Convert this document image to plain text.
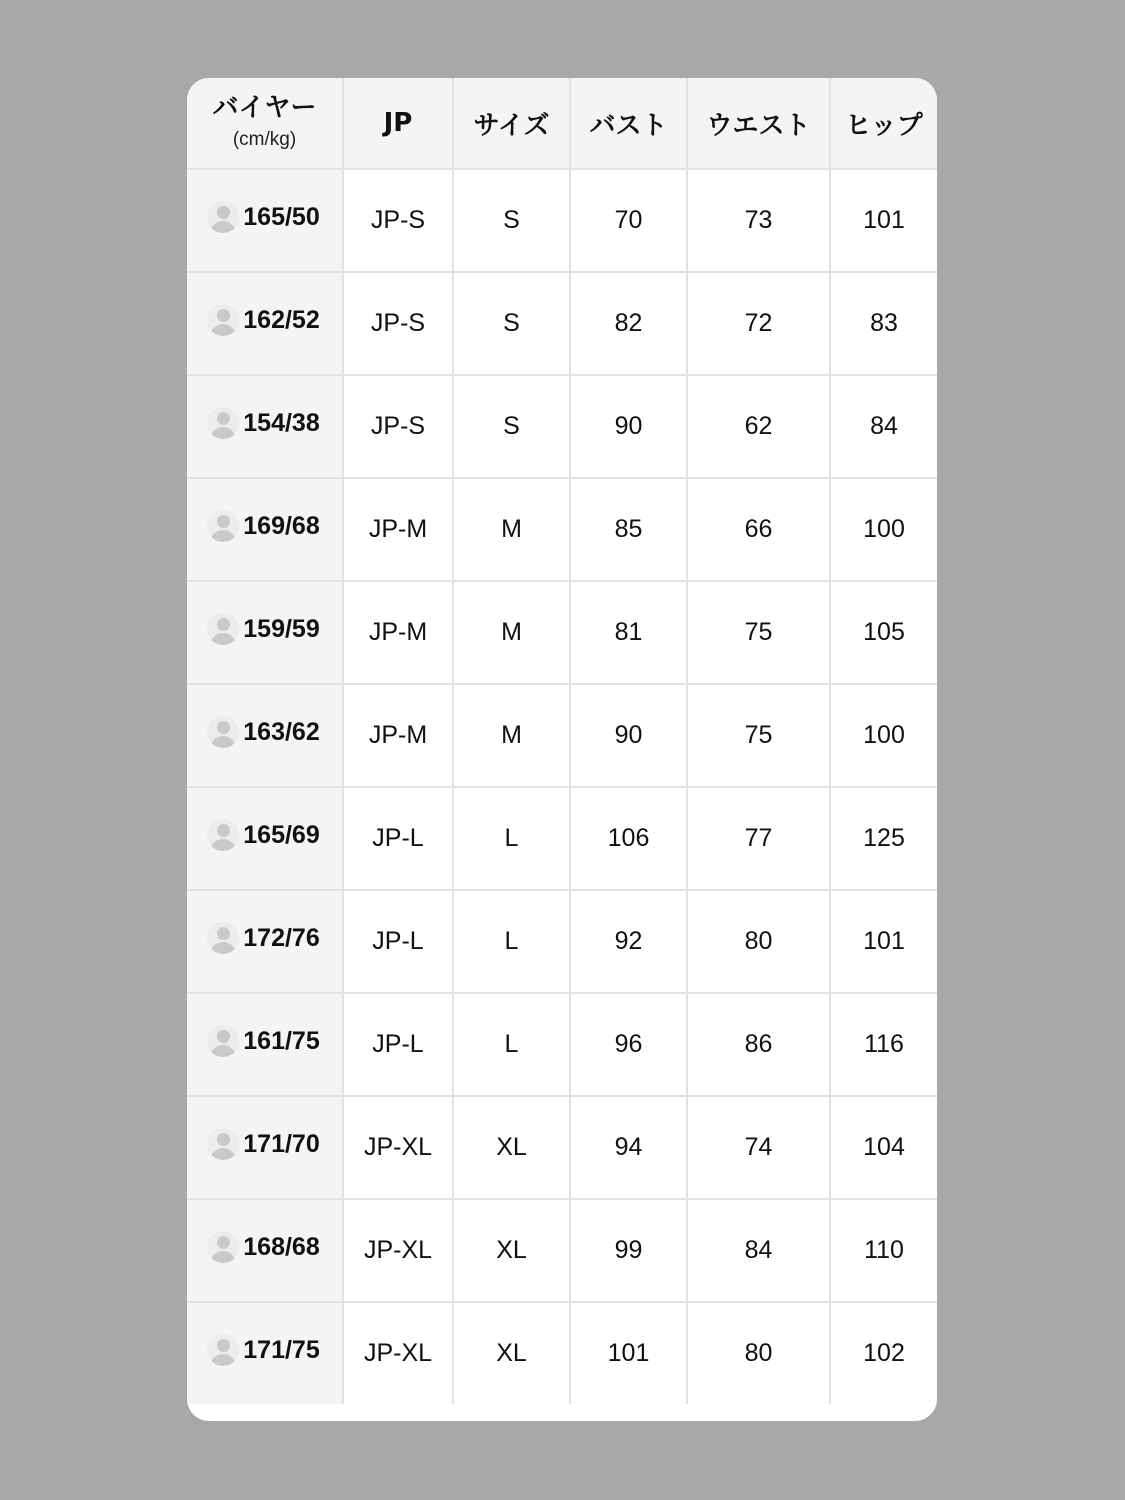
バイヤー
(cm/kg)	JP	サイズ	バスト	ウエスト	ヒップ

165/50	JP-S	S	70	73	101

162/52	JP-S	S	82	72	83

154/38	JP-S	S	90	62	84

169/68	JP-M	M	85	66	100

159/59	JP-M	M	81	75	105

163/62	JP-M	M	90	75	100

165/69	JP-L	L	106	77	125

172/76	JP-L	L	92	80	101

161/75	JP-L	L	96	86	116

171/70	JP-XL	XL	94	74	104

168/68	JP-XL	XL	99	84	110

171/75	JP-XL	XL	101	80	102
